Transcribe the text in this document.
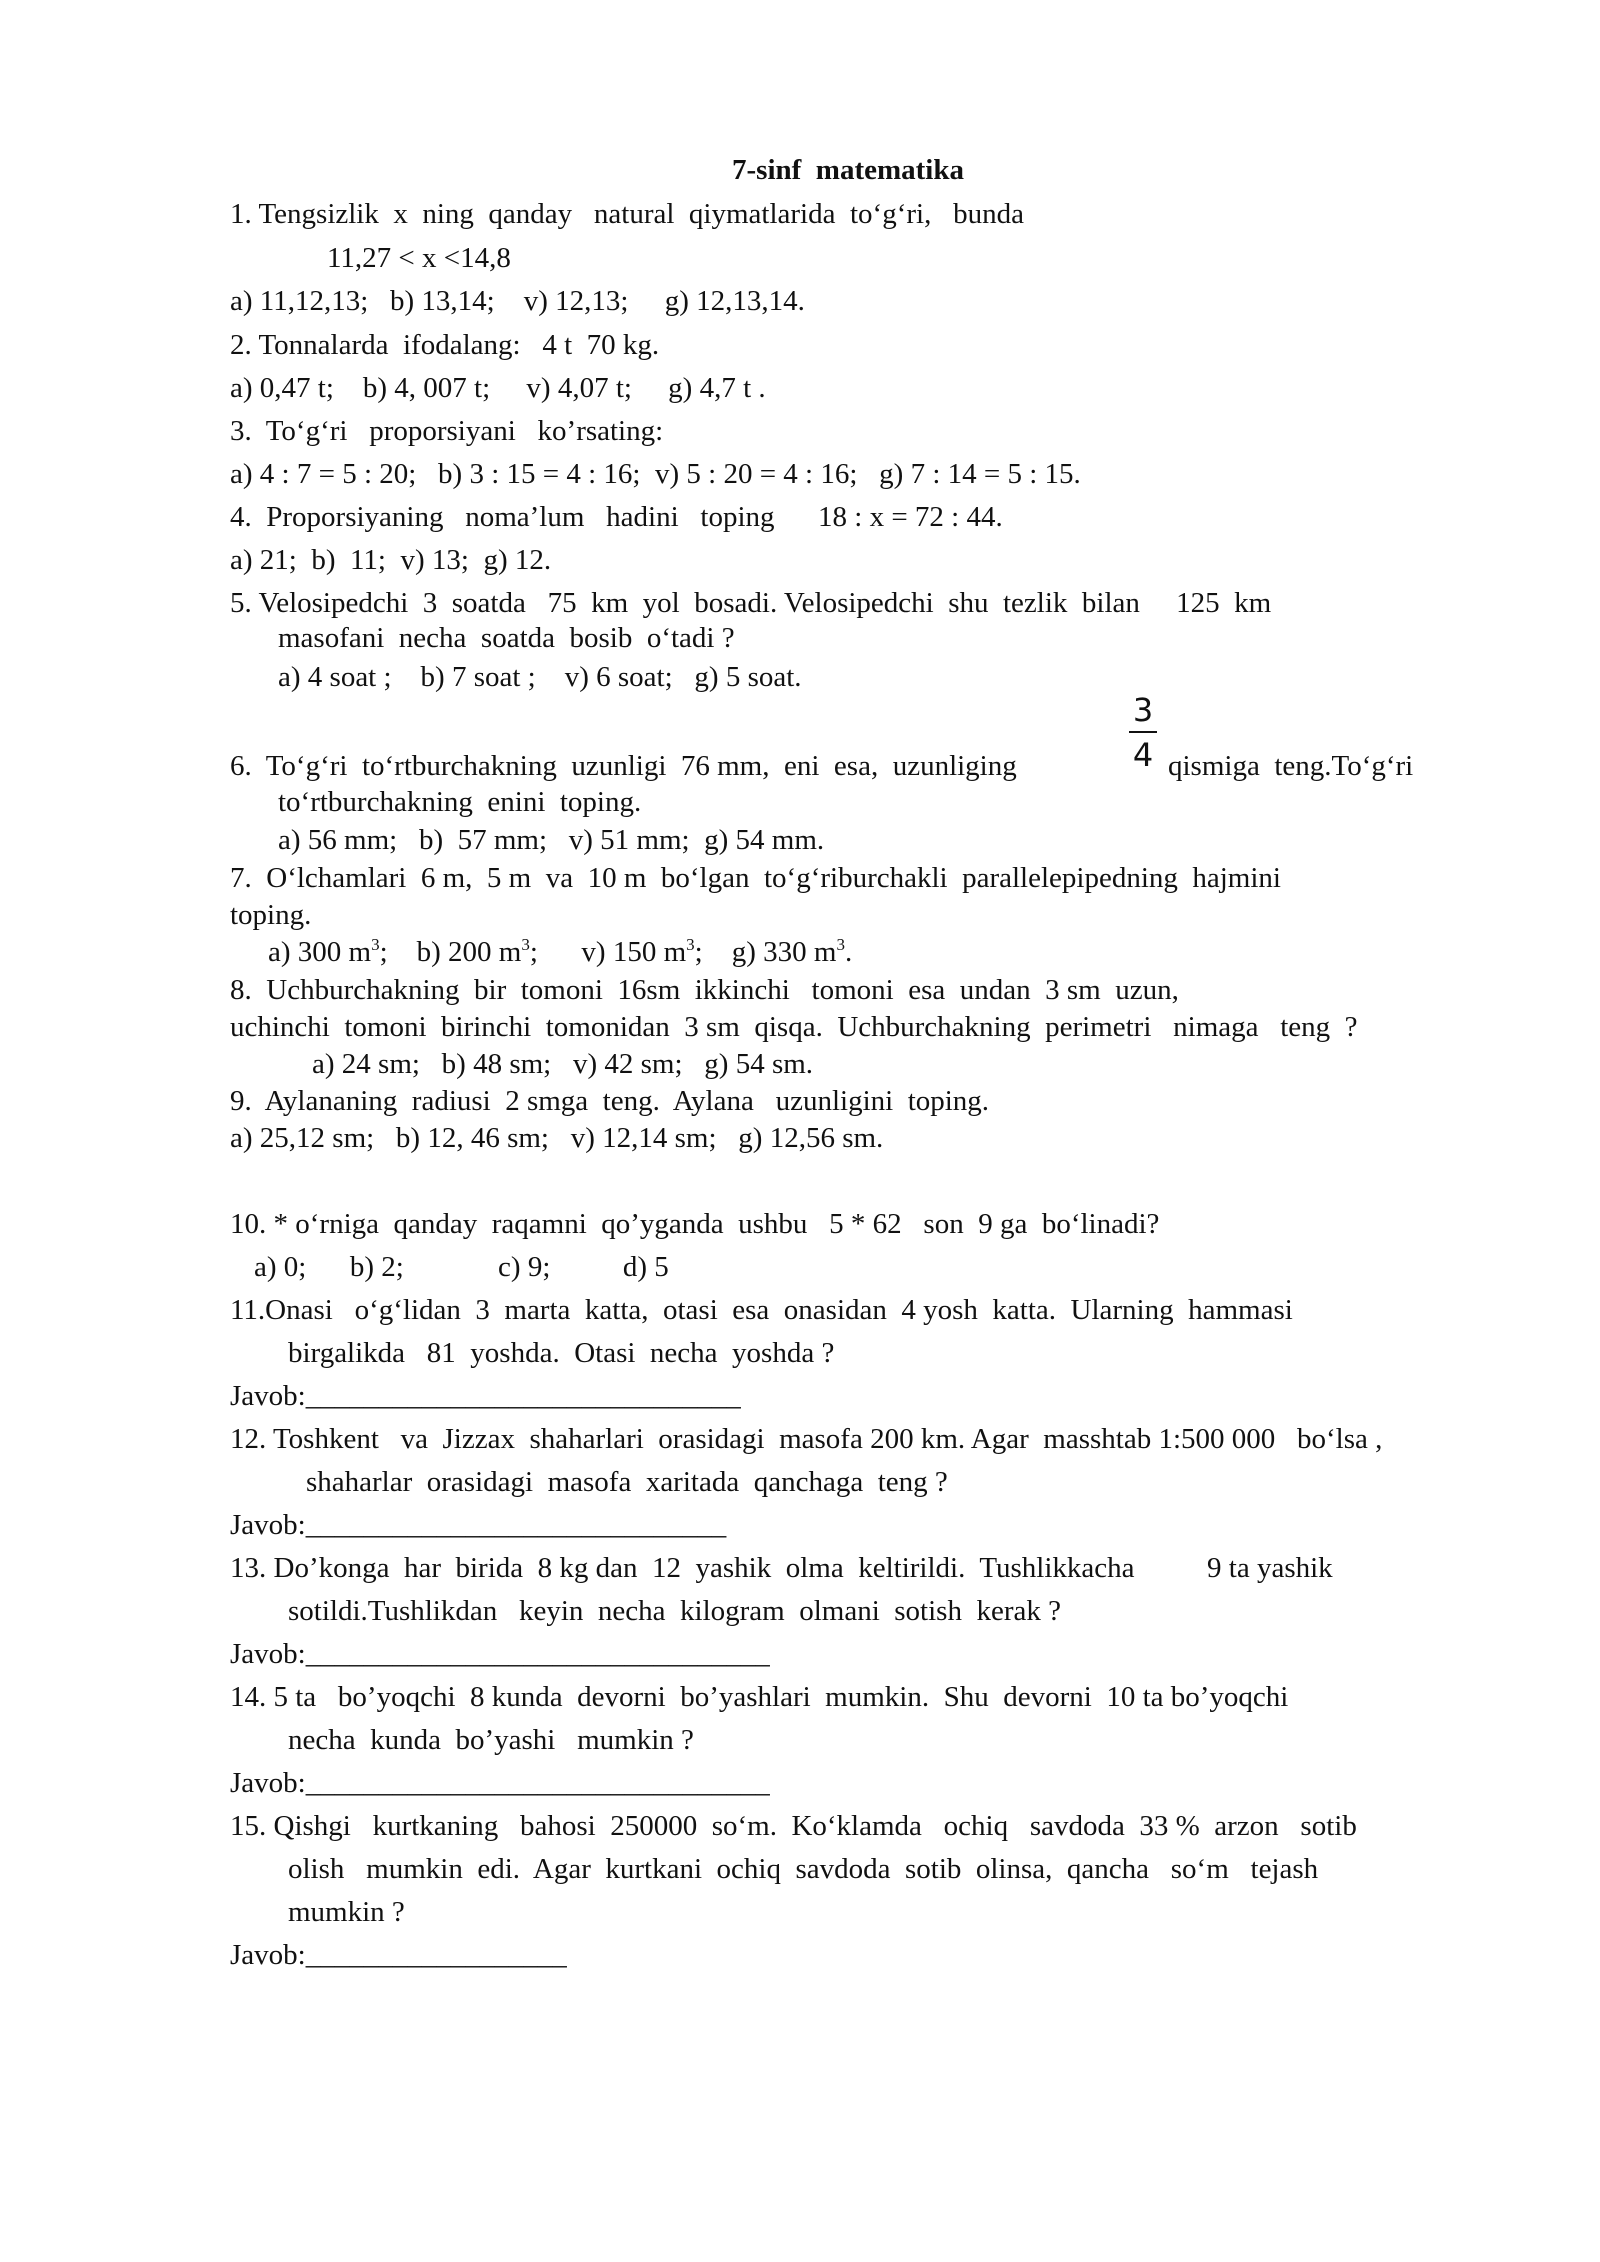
7-sinf  matematika
1. Tengsizlik  x  ning  qanday   natural  qiymatlarida  to‘g‘ri,   bunda
11,27 < x <14,8
a) 11,12,13;   b) 13,14;    v) 12,13;     g) 12,13,14.
2. Tonnalarda  ifodalang:   4 t  70 kg.
a) 0,47 t;    b) 4, 007 t;     v) 4,07 t;     g) 4,7 t .
3.  To‘g‘ri   proporsiyani   ko’rsating:
a) 4 : 7 = 5 : 20;   b) 3 : 15 = 4 : 16;  v) 5 : 20 = 4 : 16;   g) 7 : 14 = 5 : 15.
4.  Proporsiyaning   noma’lum   hadini   toping      18 : x = 72 : 44.
a) 21;  b)  11;  v) 13;  g) 12.
5. Velosipedchi  3  soatda   75  km  yol  bosadi. Velosipedchi  shu  tezlik  bilan     125  km
masofani  necha  soatda  bosib  o‘tadi ?
a) 4 soat ;    b) 7 soat ;    v) 6 soat;   g) 5 soat.
3
4
6.  To‘g‘ri  to‘rtburchakning  uzunligi  76 mm,  eni  esa,  uzunliging	qismiga  teng.To‘g‘ri
to‘rtburchakning  enini  toping.
a) 56 mm;   b)  57 mm;   v) 51 mm;  g) 54 mm.
7.  O‘lchamlari  6 m,  5 m  va  10 m  bo‘lgan  to‘g‘riburchakli  parallelepipedning  hajmini
toping.
a) 300 $m^3$;    b) 200 $m^3$;      v) 150 $m^3$;    g) 330 $m^3$.
8.  Uchburchakning  bir  tomoni  16sm  ikkinchi   tomoni  esa  undan  3 sm  uzun,
uchinchi  tomoni  birinchi  tomonidan  3 sm  qisqa.  Uchburchakning  perimetri   nimaga   teng  ?
a) 24 sm;   b) 48 sm;   v) 42 sm;   g) 54 sm.
9.  Aylananing  radiusi  2 smga  teng.  Aylana   uzunligini  toping.
a) 25,12 sm;   b) 12, 46 sm;   v) 12,14 sm;   g) 12,56 sm.
10. * o‘rniga  qanday  raqamni  qo’yganda  ushbu   5 * 62   son  9 ga  bo‘linadi?
a) 0;      b) 2;             c) 9;          d) 5
11.Onasi   o‘g‘lidan  3  marta  katta,  otasi  esa  onasidan  4 yosh  katta.  Ularning  hammasi
birgalikda   81  yoshda.  Otasi  necha  yoshda ?
Javob:______________________________
12. Toshkent   va  Jizzax  shaharlari  orasidagi  masofa 200 km. Agar  masshtab 1:500 000   bo‘lsa ,
shaharlar  orasidagi  masofa  xaritada  qanchaga  teng ?
Javob:_____________________________
13. Do’konga  har  birida  8 kg dan  12  yashik  olma  keltirildi.  Tushlikkacha          9 ta yashik
sotildi.Tushlikdan   keyin  necha  kilogram  olmani  sotish  kerak ?
Javob:________________________________
14. 5 ta   bo’yoqchi  8 kunda  devorni  bo’yashlari  mumkin.  Shu  devorni  10 ta bo’yoqchi
necha  kunda  bo’yashi   mumkin ?
Javob:________________________________
15. Qishgi   kurtkaning   bahosi  250000  so‘m.  Ko‘klamda   ochiq   savdoda  33 %  arzon   sotib
olish   mumkin  edi.  Agar  kurtkani  ochiq  savdoda  sotib  olinsa,  qancha   so‘m   tejash
mumkin ?
Javob:__________________
